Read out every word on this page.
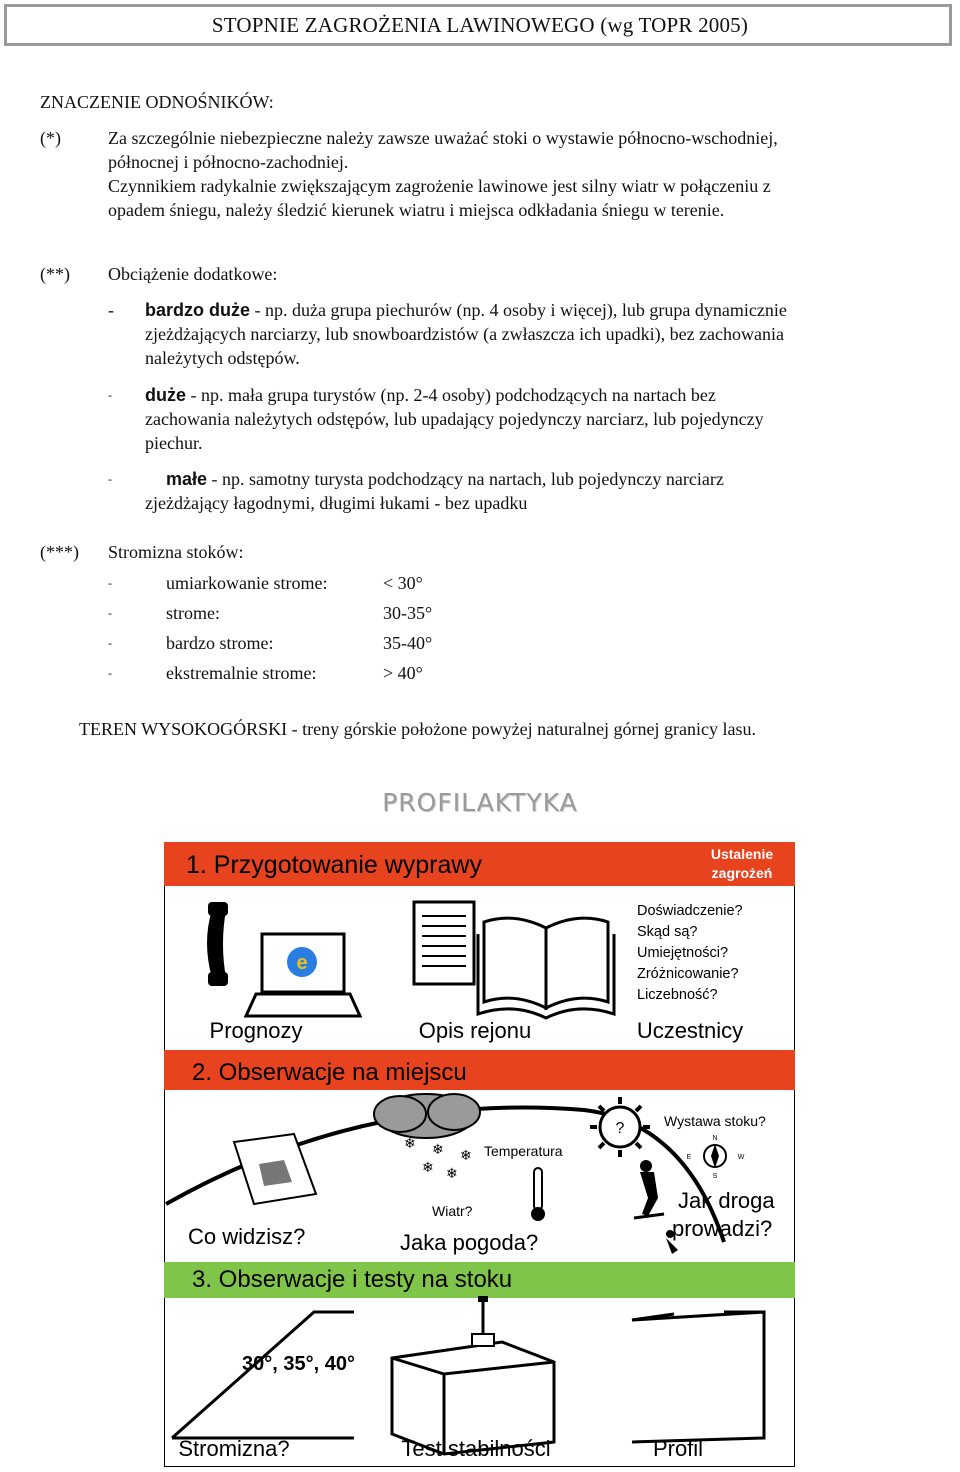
STOPNIE ZAGROŻENIA LAWINOWEGO (wg TOPR 2005)
ZNACZENIE ODNOŚNIKÓW:
(*)	Za szczególnie niebezpieczne należy zawsze uważać stoki o wystawie północno-wschodniej,
północnej i północno-zachodniej.
Czynnikiem radykalnie zwiększającym zagrożenie lawinowe jest silny wiatr w połączeniu z
opadem śniegu, należy śledzić kierunek wiatru i miejsca odkładania śniegu w terenie.
(**) Obciążenie dodatkowe:
- bardzo duże - np. duża grupa piechurów (np. 4 osoby i więcej), lub grupa dynamicznie
zjeżdżających narciarzy, lub snowboardzistów (a zwłaszcza ich upadki), bez zachowania
należytych odstępów.
- duże - np. mała grupa turystów (np. 2-4 osoby) podchodzących na nartach bez
zachowania należytych odstępów, lub upadający pojedynczy narciarz, lub pojedynczy
piechur.
-	małe - np. samotny turysta podchodzący na nartach, lub pojedynczy narciarz
zjeżdżający łagodnymi, długimi łukami - bez upadku
(***) Stromizna stoków:
-	umiarkowanie strome:	< 30°
-	strome:	30-35°
-	bardzo strome:	35-40°
-	ekstremalnie strome:	> 40°
TEREN WYSOKOGÓRSKI - treny górskie położone powyżej naturalnej górnej granicy lasu.
PROFILAKTYKA
1. Przygotowanie wyprawy	Ustalenie
zagrożeń
e
Doświadczenie?
Skąd są?
Umiejętności?
Zróżnicowanie?
Liczebność?
Prognozy	Opis rejonu	Uczestnicy
2. Obserwacje na miejscu
❄ ❄
❄ ❄
❄ Temperatura
Wiatr?
?	Wystawa stoku?
N
S
E	W
Co widzisz?	Jaka pogoda?
Jak droga
prowadzi?
3. Obserwacje i testy na stoku
30°, 35°, 40°
Stromizna?	Test stabilności	Profil
